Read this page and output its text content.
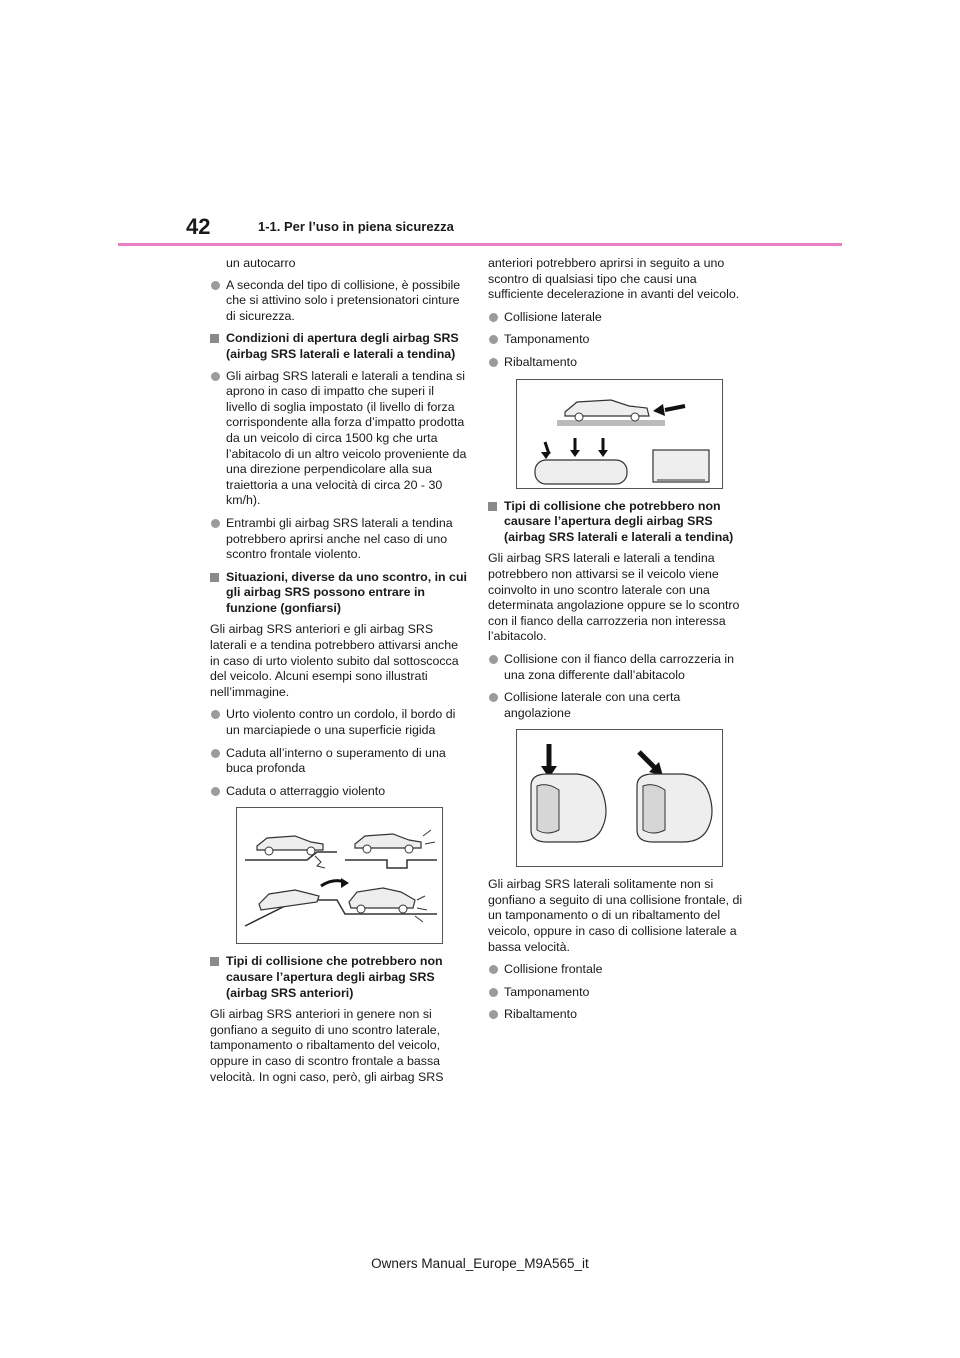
42	1-1. Per l’uso in piena sicurezza
un autocarro
A seconda del tipo di collisione, è possibile che si attivino solo i pretensionatori cinture di sicurezza.
Condizioni di apertura degli airbag SRS (airbag SRS laterali e laterali a tendina)
Gli airbag SRS laterali e laterali a tendina si aprono in caso di impatto che superi il livello di soglia impostato (il livello di forza corrispondente alla forza d’impatto prodotta da un veicolo di circa 1500 kg che urta l’abitacolo di un altro veicolo proveniente da una direzione perpendicolare alla sua traiettoria a una velocità di circa 20 - 30 km/h).
Entrambi gli airbag SRS laterali a tendina potrebbero aprirsi anche nel caso di uno scontro frontale violento.
Situazioni, diverse da uno scontro, in cui gli airbag SRS possono entrare in funzione (gonfiarsi)
Gli airbag SRS anteriori e gli airbag SRS laterali e a tendina potrebbero attivarsi anche in caso di urto violento subito dal sottoscocca del veicolo. Alcuni esempi sono illustrati nell’immagine.
Urto violento contro un cordolo, il bordo di un marciapiede o una superficie rigida
Caduta all’interno o superamento di una buca profonda
Caduta o atterraggio violento
Tipi di collisione che potrebbero non causare l’apertura degli airbag SRS (airbag SRS anteriori)
Gli airbag SRS anteriori in genere non si gonfiano a seguito di uno scontro laterale, tamponamento o ribaltamento del veicolo, oppure in caso di scontro frontale a bassa velocità. In ogni caso, però, gli airbag SRS
anteriori potrebbero aprirsi in seguito a uno scontro di qualsiasi tipo che causi una sufficiente decelerazione in avanti del veicolo.
Collisione laterale
Tamponamento
Ribaltamento
Tipi di collisione che potrebbero non causare l’apertura degli airbag SRS (airbag SRS laterali e laterali a tendina)
Gli airbag SRS laterali e laterali a tendina potrebbero non attivarsi se il veicolo viene coinvolto in uno scontro laterale con una determinata angolazione oppure se lo scontro con il fianco della carrozzeria non interessa l’abitacolo.
Collisione con il fianco della carrozzeria in una zona differente dall’abitacolo
Collisione laterale con una certa angolazione
Gli airbag SRS laterali solitamente non si gonfiano a seguito di una collisione frontale, di un tamponamento o di un ribaltamento del veicolo, oppure in caso di collisione laterale a bassa velocità.
Collisione frontale
Tamponamento
Ribaltamento
Owners Manual_Europe_M9A565_it
